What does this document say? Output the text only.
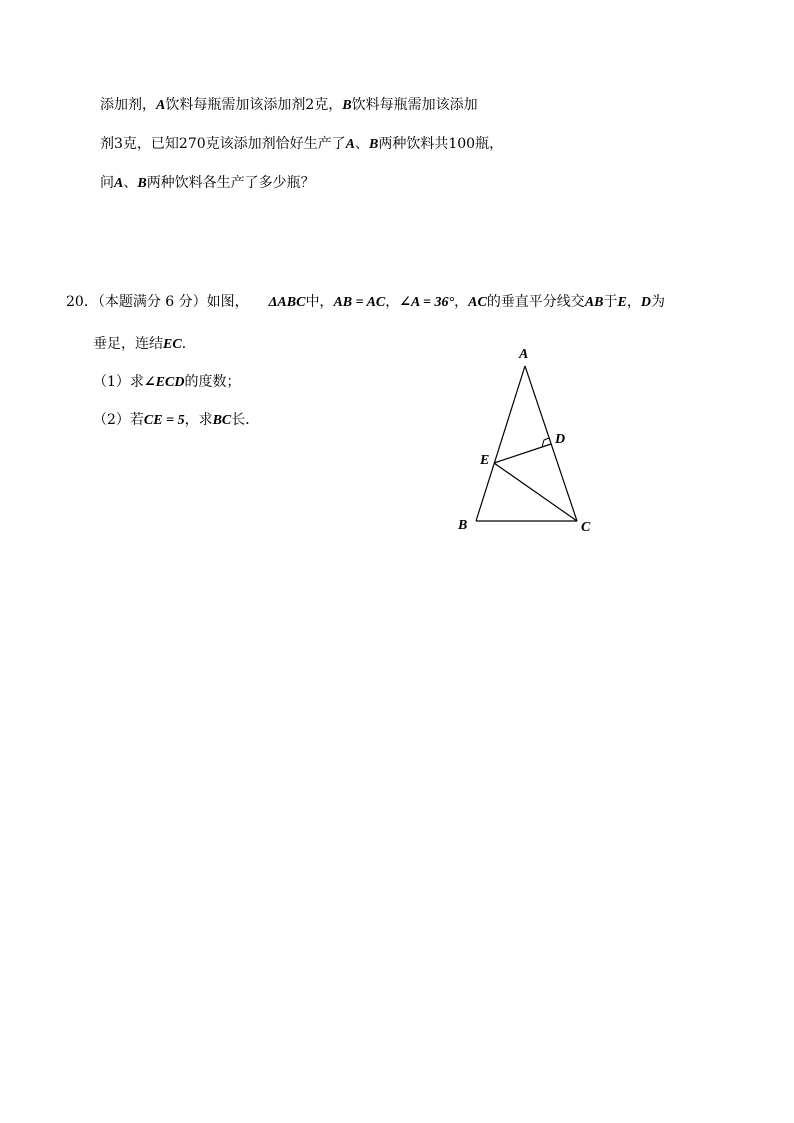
添加剂，A饮料每瓶需加该添加剂2克，B饮料每瓶需加该添加
剂3克，已知270克该添加剂恰好生产了A、B两种饮料共100瓶，
问A、B两种饮料各生产了多少瓶？
20．（本题满分 6 分）如图， ΔABC中，AB = AC，∠A = 36°，AC的垂直平分线交AB于E，D为
垂足，连结EC．
（1）求∠ECD的度数；
（2）若CE = 5，求BC长．
A
B	C
D
E
